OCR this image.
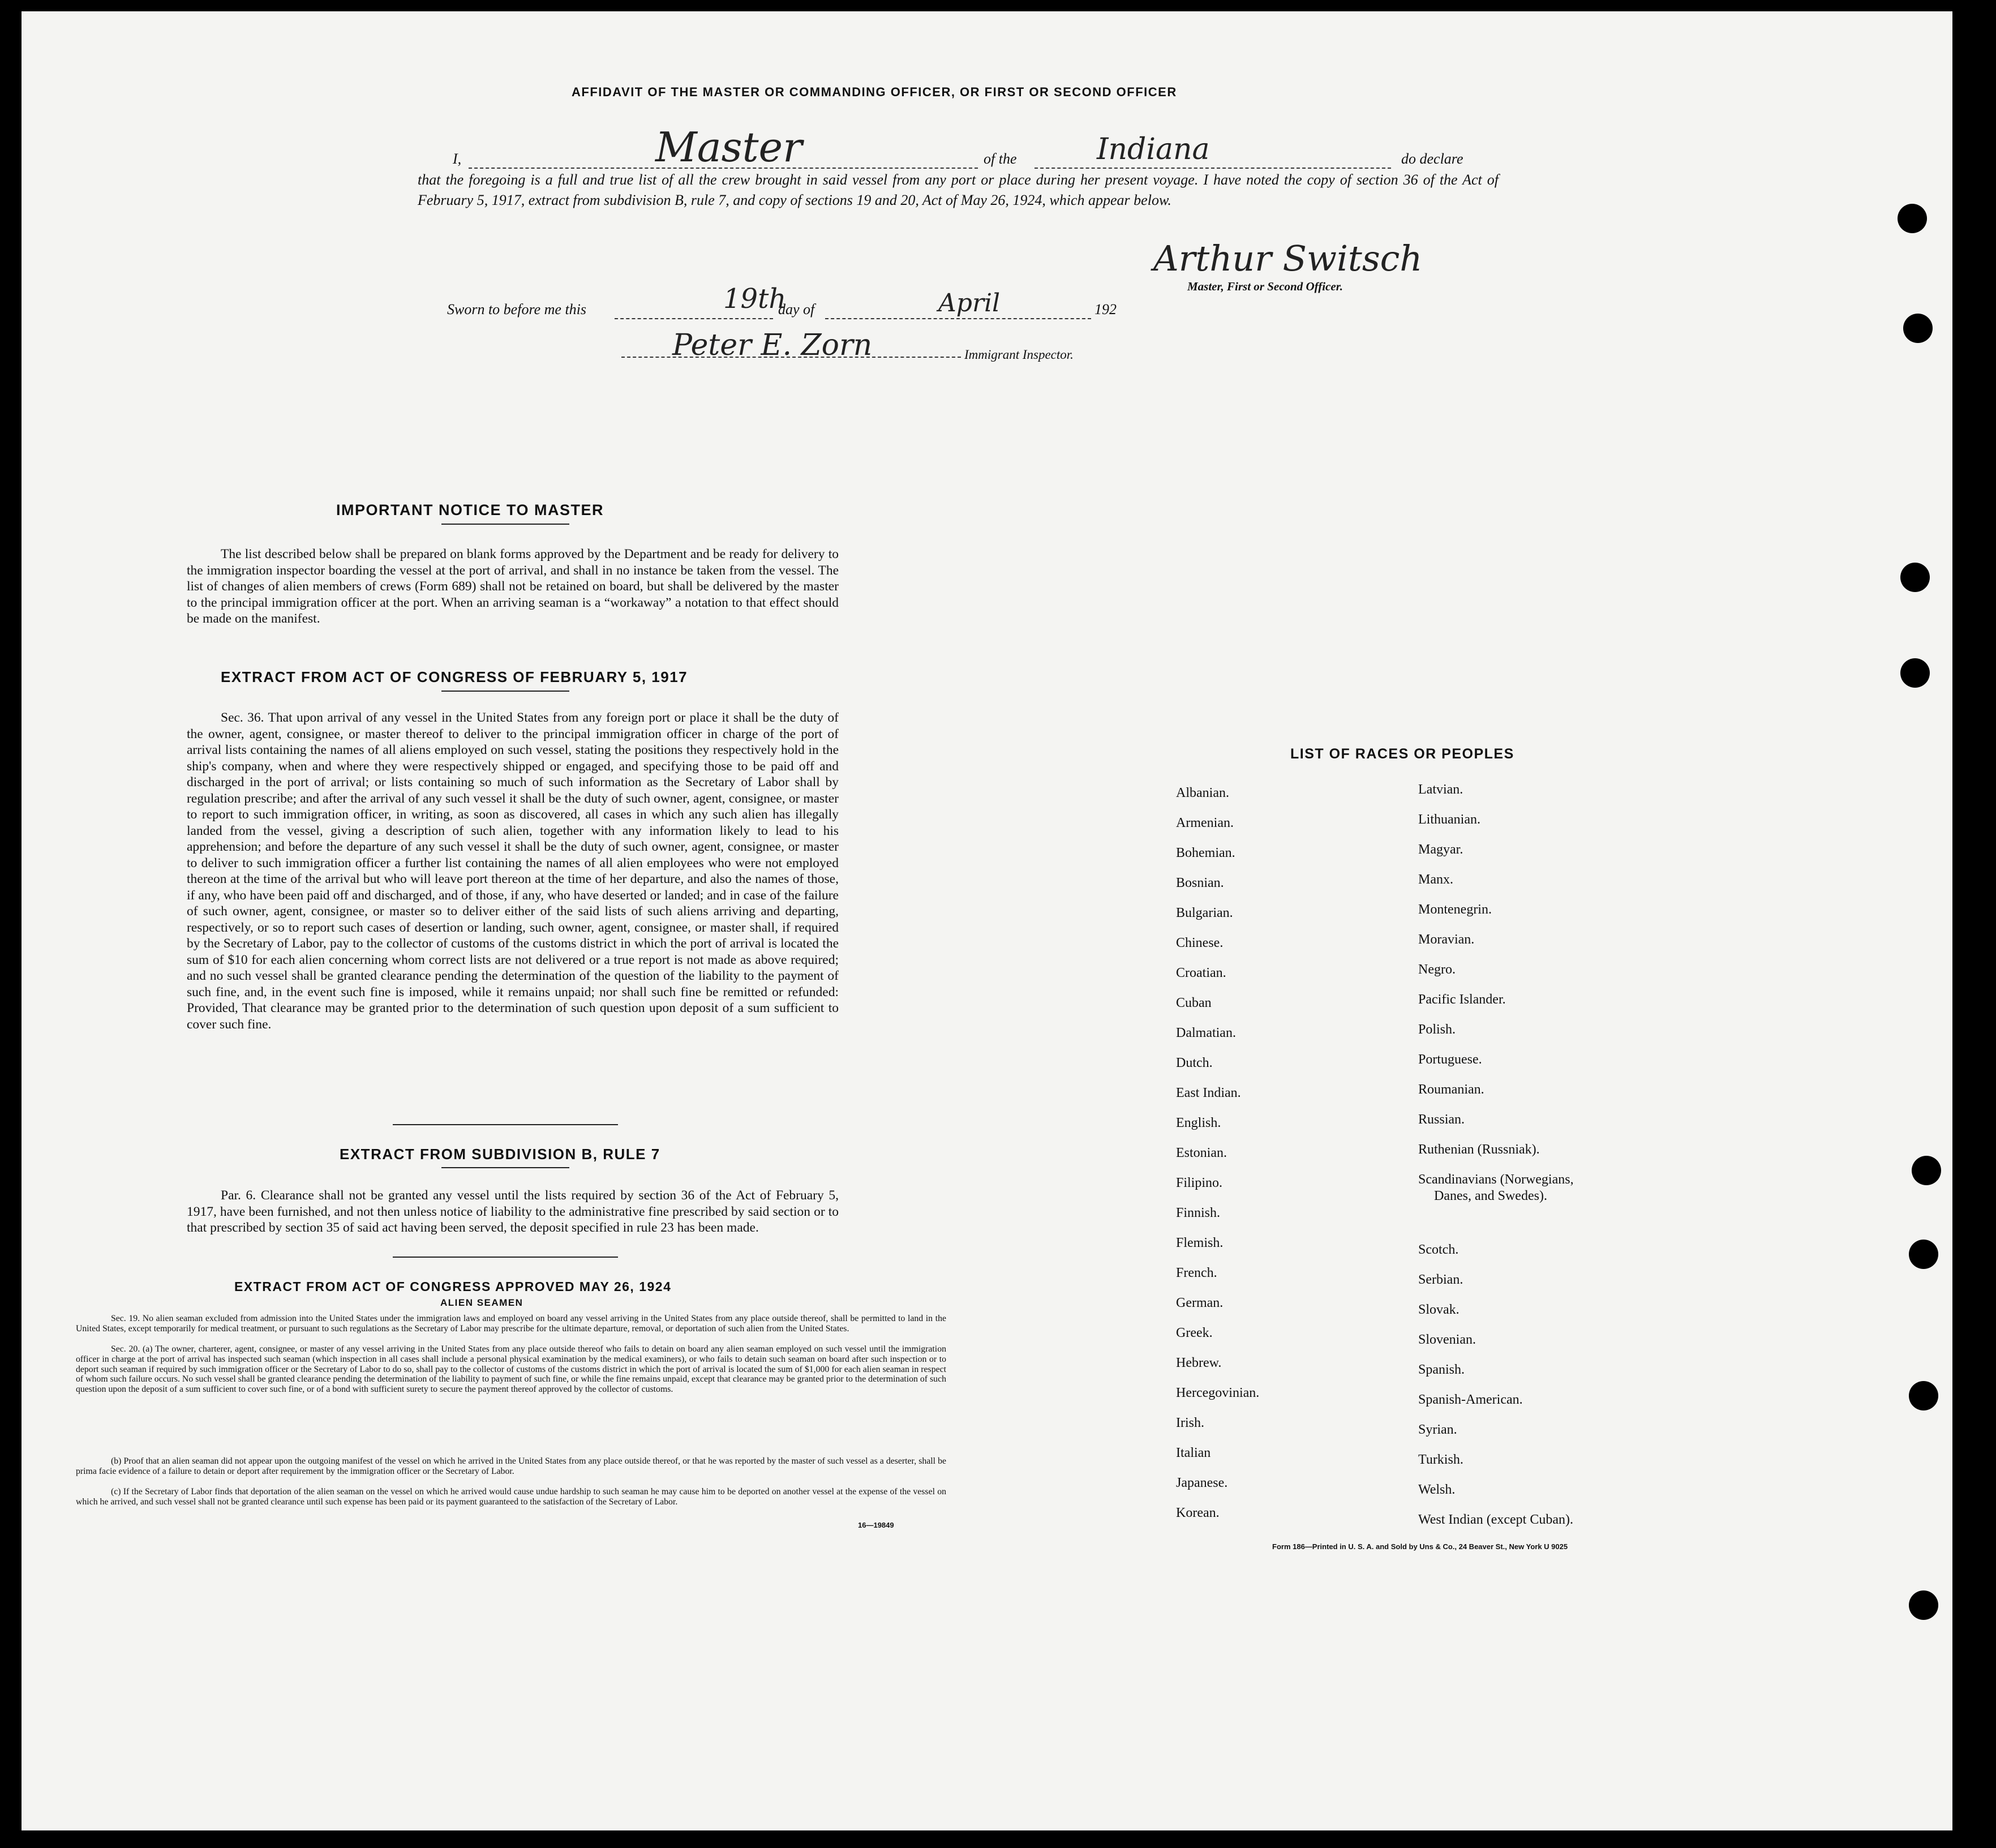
AFFIDAVIT OF THE MASTER OR COMMANDING OFFICER, OR FIRST OR SECOND OFFICER
I,	Master	of the	Indiana	do declare
that the foregoing is a full and true list of all the crew brought in said vessel from any port or place during her present voyage. I have noted the copy of section 36 of the Act of February 5, 1917, extract from subdivision B, rule 7, and copy of sections 19 and 20, Act of May 26, 1924, which appear below.
Arthur Switsch
Master, First or Second Officer.
Sworn to before me this	19th
day of	April	192
Peter E. Zorn	Immigrant Inspector.
IMPORTANT NOTICE TO MASTER
The list described below shall be prepared on blank forms approved by the Department and be ready for delivery to the immigration inspector boarding the vessel at the port of arrival, and shall in no instance be taken from the vessel. The list of changes of alien members of crews (Form 689) shall not be retained on board, but shall be delivered by the master to the principal immigration officer at the port. When an arriving seaman is a “workaway” a notation to that effect should be made on the manifest.
EXTRACT FROM ACT OF CONGRESS OF FEBRUARY 5, 1917
Sec. 36. That upon arrival of any vessel in the United States from any foreign port or place it shall be the duty of the owner, agent, consignee, or master thereof to deliver to the principal immigration officer in charge of the port of arrival lists containing the names of all aliens employed on such vessel, stating the positions they respectively hold in the ship's company, when and where they were respectively shipped or engaged, and specifying those to be paid off and discharged in the port of arrival; or lists containing so much of such information as the Secretary of Labor shall by regulation prescribe; and after the arrival of any such vessel it shall be the duty of such owner, agent, consignee, or master to report to such immigration officer, in writing, as soon as discovered, all cases in which any such alien has illegally landed from the vessel, giving a description of such alien, together with any information likely to lead to his apprehension; and before the departure of any such vessel it shall be the duty of such owner, agent, consignee, or master to deliver to such immigration officer a further list containing the names of all alien employees who were not employed thereon at the time of the arrival but who will leave port thereon at the time of her departure, and also the names of those, if any, who have been paid off and discharged, and of those, if any, who have deserted or landed; and in case of the failure of such owner, agent, consignee, or master so to deliver either of the said lists of such aliens arriving and departing, respectively, or so to report such cases of desertion or landing, such owner, agent, consignee, or master shall, if required by the Secretary of Labor, pay to the collector of customs of the customs district in which the port of arrival is located the sum of $10 for each alien concerning whom correct lists are not delivered or a true report is not made as above required; and no such vessel shall be granted clearance pending the determination of the question of the liability to the payment of such fine, and, in the event such fine is imposed, while it remains unpaid; nor shall such fine be remitted or refunded: Provided, That clearance may be granted prior to the determination of such question upon deposit of a sum sufficient to cover such fine.
EXTRACT FROM SUBDIVISION B, RULE 7
Par. 6. Clearance shall not be granted any vessel until the lists required by section 36 of the Act of February 5, 1917, have been furnished, and not then unless notice of liability to the administrative fine prescribed by said section or to that prescribed by section 35 of said act having been served, the deposit specified in rule 23 has been made.
EXTRACT FROM ACT OF CONGRESS APPROVED MAY 26, 1924
ALIEN SEAMEN
Sec. 19. No alien seaman excluded from admission into the United States under the immigration laws and employed on board any vessel arriving in the United States from any place outside thereof, shall be permitted to land in the United States, except temporarily for medical treatment, or pursuant to such regulations as the Secretary of Labor may prescribe for the ultimate departure, removal, or deportation of such alien from the United States.
Sec. 20. (a) The owner, charterer, agent, consignee, or master of any vessel arriving in the United States from any place outside thereof who fails to detain on board any alien seaman employed on such vessel until the immigration officer in charge at the port of arrival has inspected such seaman (which inspection in all cases shall include a personal physical examination by the medical examiners), or who fails to detain such seaman on board after such inspection or to deport such seaman if required by such immigration officer or the Secretary of Labor to do so, shall pay to the collector of customs of the customs district in which the port of arrival is located the sum of $1,000 for each alien seaman in respect of whom such failure occurs. No such vessel shall be granted clearance pending the determination of the liability to payment of such fine, or while the fine remains unpaid, except that clearance may be granted prior to the determination of such question upon the deposit of a sum sufficient to cover such fine, or of a bond with sufficient surety to secure the payment thereof approved by the collector of customs.
(b) Proof that an alien seaman did not appear upon the outgoing manifest of the vessel on which he arrived in the United States from any place outside thereof, or that he was reported by the master of such vessel as a deserter, shall be prima facie evidence of a failure to detain or deport after requirement by the immigration officer or the Secretary of Labor.
(c) If the Secretary of Labor finds that deportation of the alien seaman on the vessel on which he arrived would cause undue hardship to such seaman he may cause him to be deported on another vessel at the expense of the vessel on which he arrived, and such vessel shall not be granted clearance until such expense has been paid or its payment guaranteed to the satisfaction of the Secretary of Labor.
16—19849
LIST OF RACES OR PEOPLES
Albanian.
Armenian.
Bohemian.
Bosnian.
Bulgarian.
Chinese.
Croatian.
Cuban
Dalmatian.
Dutch.
East Indian.
English.
Estonian.
Filipino.
Finnish.
Flemish.
French.
German.
Greek.
Hebrew.
Hercegovinian.
Irish.
Italian
Japanese.
Korean.
Latvian.
Lithuanian.
Magyar.
Manx.
Montenegrin.
Moravian.
Negro.
Pacific Islander.
Polish.
Portuguese.
Roumanian.
Russian.
Ruthenian (Russniak).
Scandinavians (Norwegians,
Danes, and Swedes).
Scotch.
Serbian.
Slovak.
Slovenian.
Spanish.
Spanish-American.
Syrian.
Turkish.
Welsh.
West Indian (except Cuban).
Form 186—Printed in U. S. A. and Sold by Uns & Co., 24 Beaver St., New York U 9025
